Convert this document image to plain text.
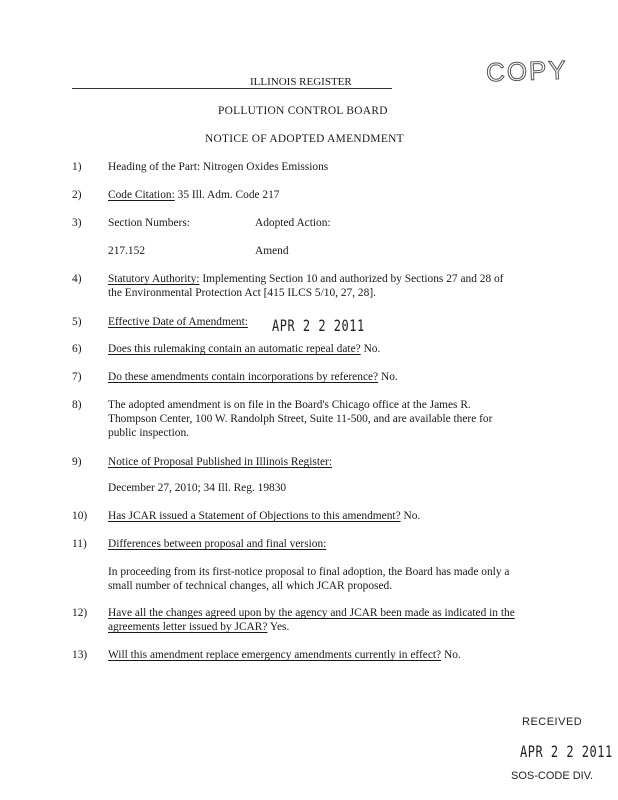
ILLINOIS REGISTER	COPY
POLLUTION CONTROL BOARD
NOTICE OF ADOPTED AMENDMENT
1)	Heading of the Part: Nitrogen Oxides Emissions
2)	Code Citation: 35 Ill. Adm. Code 217
3)	Section Numbers:	Adopted Action:
217.152	Amend
4)	Statutory Authority: Implementing Section 10 and authorized by Sections 27 and 28 of
the Environmental Protection Act [415 ILCS 5/10, 27, 28].
5)	Effective Date of Amendment: APR 2 2 2011
6)	Does this rulemaking contain an automatic repeal date? No.
7)	Do these amendments contain incorporations by reference? No.
8)	The adopted amendment is on file in the Board's Chicago office at the James R.
Thompson Center, 100 W. Randolph Street, Suite 11-500, and are available there for
public inspection.
9)	Notice of Proposal Published in Illinois Register:
December 27, 2010; 34 Ill. Reg. 19830
10)	Has JCAR issued a Statement of Objections to this amendment? No.
11)	Differences between proposal and final version:
In proceeding from its first-notice proposal to final adoption, the Board has made only a
small number of technical changes, all which JCAR proposed.
12)	Have all the changes agreed upon by the agency and JCAR been made as indicated in the
agreements letter issued by JCAR? Yes.
13)	Will this amendment replace emergency amendments currently in effect? No.
RECEIVED
APR 2 2 2011
SOS-CODE DIV.
